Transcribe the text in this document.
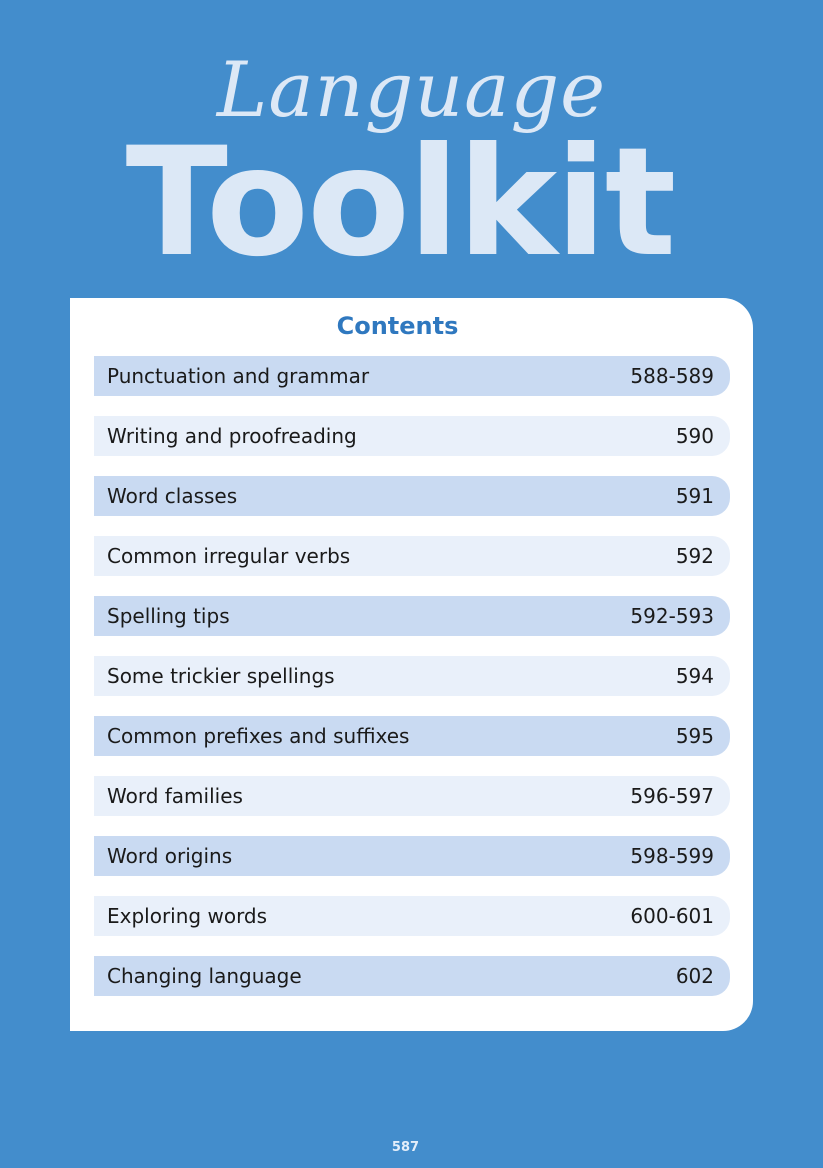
Language
Toolkit
Contents
Punctuation and grammar	588-589
Writing and proofreading	590
Word classes	591
Common irregular verbs	592
Spelling tips	592-593
Some trickier spellings	594
Common prefixes and suffixes	595
Word families	596-597
Word origins	598-599
Exploring words	600-601
Changing language	602
587
